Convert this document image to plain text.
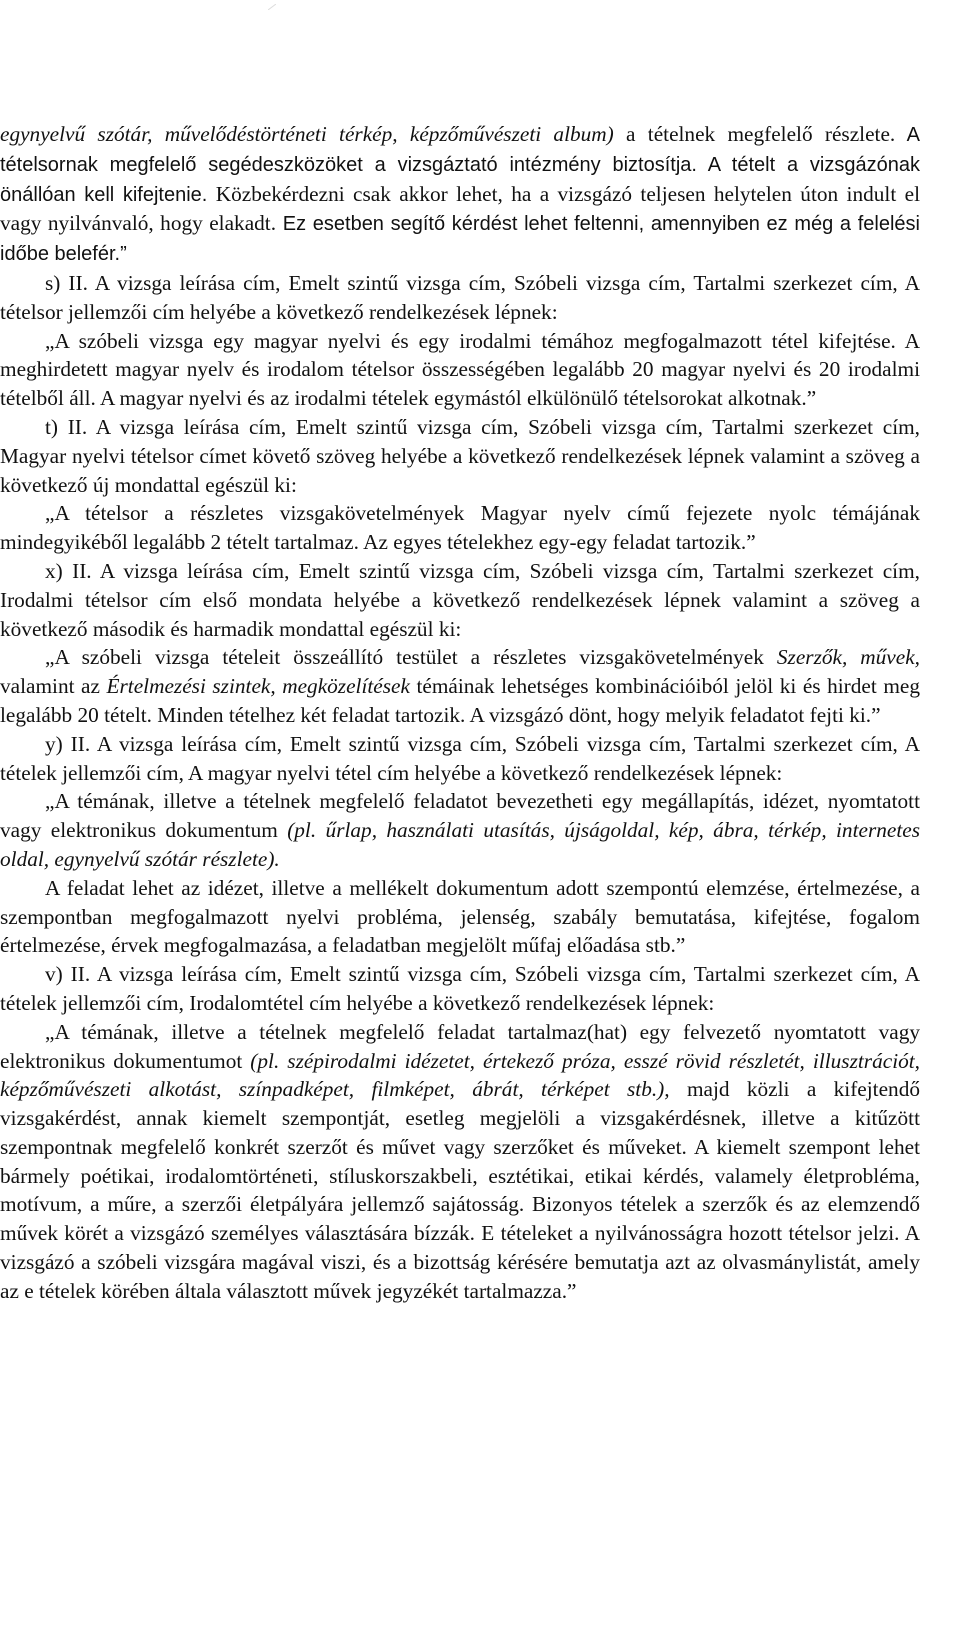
egynyelvű szótár, művelődéstörténeti térkép, képzőművészeti album) a tételnek megfelelő részlete. A tételsornak megfelelő segédeszközöket a vizsgáztató intézmény biztosítja. A tételt a vizsgázónak önállóan kell kifejtenie. Közbekérdezni csak akkor lehet, ha a vizsgázó teljesen helytelen úton indult el vagy nyilvánvaló, hogy elakadt. Ez esetben segítő kérdést lehet feltenni, amennyiben ez még a felelési időbe belefér.”

s) II. A vizsga leírása cím, Emelt szintű vizsga cím, Szóbeli vizsga cím, Tartalmi szerkezet cím, A tételsor jellemzői cím helyébe a következő rendelkezések lépnek:

„A szóbeli vizsga egy magyar nyelvi és egy irodalmi témához megfogalmazott tétel kifejtése. A meghirdetett magyar nyelv és irodalom tételsor összességében legalább 20 magyar nyelvi és 20 irodalmi tételből áll. A magyar nyelvi és az irodalmi tételek egymástól elkülönülő tételsorokat alkotnak.”

t) II. A vizsga leírása cím, Emelt szintű vizsga cím, Szóbeli vizsga cím, Tartalmi szerkezet cím, Magyar nyelvi tételsor címet követő szöveg helyébe a következő rendelkezések lépnek valamint a szöveg a következő új mondattal egészül ki:

„A tételsor a részletes vizsgakövetelmények Magyar nyelv című fejezete nyolc témájának mindegyikéből legalább 2 tételt tartalmaz. Az egyes tételekhez egy-egy feladat tartozik.”

x) II. A vizsga leírása cím, Emelt szintű vizsga cím, Szóbeli vizsga cím, Tartalmi szerkezet cím, Irodalmi tételsor cím első mondata helyébe a következő rendelkezések lépnek valamint a szöveg a következő második és harmadik mondattal egészül ki:

„A szóbeli vizsga tételeit összeállító testület a részletes vizsgakövetelmények Szerzők, művek, valamint az Értelmezési szintek, megközelítések témáinak lehetséges kombinációiból jelöl ki és hirdet meg legalább 20 tételt. Minden tételhez két feladat tartozik. A vizsgázó dönt, hogy melyik feladatot fejti ki.”

y) II. A vizsga leírása cím, Emelt szintű vizsga cím, Szóbeli vizsga cím, Tartalmi szerkezet cím, A tételek jellemzői cím, A magyar nyelvi tétel cím helyébe a következő rendelkezések lépnek:

„A témának, illetve a tételnek megfelelő feladatot bevezetheti egy megállapítás, idézet, nyomtatott vagy elektronikus dokumentum (pl. űrlap, használati utasítás, újságoldal, kép, ábra, térkép, internetes oldal, egynyelvű szótár részlete).

A feladat lehet az idézet, illetve a mellékelt dokumentum adott szempontú elemzése, értelmezése, a szempontban megfogalmazott nyelvi probléma, jelenség, szabály bemutatása, kifejtése, fogalom értelmezése, érvek megfogalmazása, a feladatban megjelölt műfaj előadása stb.”

v) II. A vizsga leírása cím, Emelt szintű vizsga cím, Szóbeli vizsga cím, Tartalmi szerkezet cím, A tételek jellemzői cím, Irodalomtétel cím helyébe a következő rendelkezések lépnek:

„A témának, illetve a tételnek megfelelő feladat tartalmaz(hat) egy felvezető nyomtatott vagy elektronikus dokumentumot (pl. szépirodalmi idézetet, értekező próza, esszé rövid részletét, illusztrációt, képzőművészeti alkotást, színpadképet, filmképet, ábrát, térképet stb.), majd közli a kifejtendő vizsgakérdést, annak kiemelt szempontját, esetleg megjelöli a vizsgakérdésnek, illetve a kitűzött szempontnak megfelelő konkrét szerzőt és művet vagy szerzőket és műveket. A kiemelt szempont lehet bármely poétikai, irodalomtörténeti, stíluskorszakbeli, esztétikai, etikai kérdés, valamely életprobléma, motívum, a műre, a szerzői életpályára jellemző sajátosság. Bizonyos tételek a szerzők és az elemzendő művek körét a vizsgázó személyes választására bízzák. E tételeket a nyilvánosságra hozott tételsor jelzi. A vizsgázó a szóbeli vizsgára magával viszi, és a bizottság kérésére bemutatja azt az olvasmánylistát, amely az e tételek körében általa választott művek jegyzékét tartalmazza.”
